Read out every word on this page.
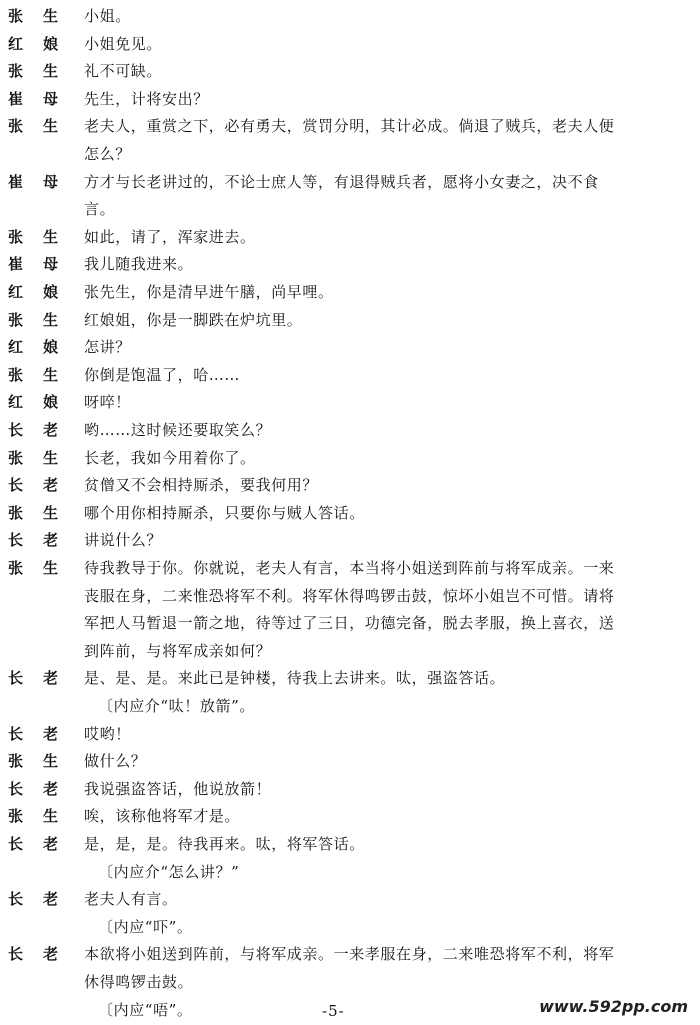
张生 小姐。
红娘 小姐免见。
张生 礼不可缺。
崔母 先生，计将安出？
张生 老夫人，重赏之下，必有勇夫，赏罚分明，其计必成。倘退了贼兵，老夫人便
怎么？
崔母 方才与长老讲过的，不论士庶人等，有退得贼兵者，愿将小女妻之，决不食
言。
张生 如此，请了，浑家进去。
崔母 我儿随我进来。
红娘 张先生，你是清早进午膳，尚早哩。
张生 红娘姐，你是一脚跌在炉坑里。
红娘 怎讲？
张生 你倒是饱温了，哈……
红娘 呀啐！
长老 哟……这时候还要取笑么？
张生 长老，我如今用着你了。
长老 贫僧又不会相持厮杀，要我何用？
张生 哪个用你相持厮杀，只要你与贼人答话。
长老 讲说什么？
张生 待我教导于你。你就说，老夫人有言，本当将小姐送到阵前与将军成亲。一来
丧服在身，二来惟恐将军不利。将军休得鸣锣击鼓，惊坏小姐岂不可惜。请将
军把人马暂退一箭之地，待等过了三日，功德完备，脱去孝服，换上喜衣，送
到阵前，与将军成亲如何？
长老 是、是、是。来此已是钟楼，待我上去讲来。呔，强盗答话。
〔内应介“呔！放箭”。
长老 哎哟！
张生 做什么？
长老 我说强盗答话，他说放箭！
张生 唉，该称他将军才是。
长老 是，是，是。待我再来。呔，将军答话。
〔内应介“怎么讲？”
长老 老夫人有言。
〔内应“吓”。
长老 本欲将小姐送到阵前，与将军成亲。一来孝服在身，二来唯恐将军不利，将军
休得鸣锣击鼓。
〔内应“唔”。	-5-	www.592pp.com
